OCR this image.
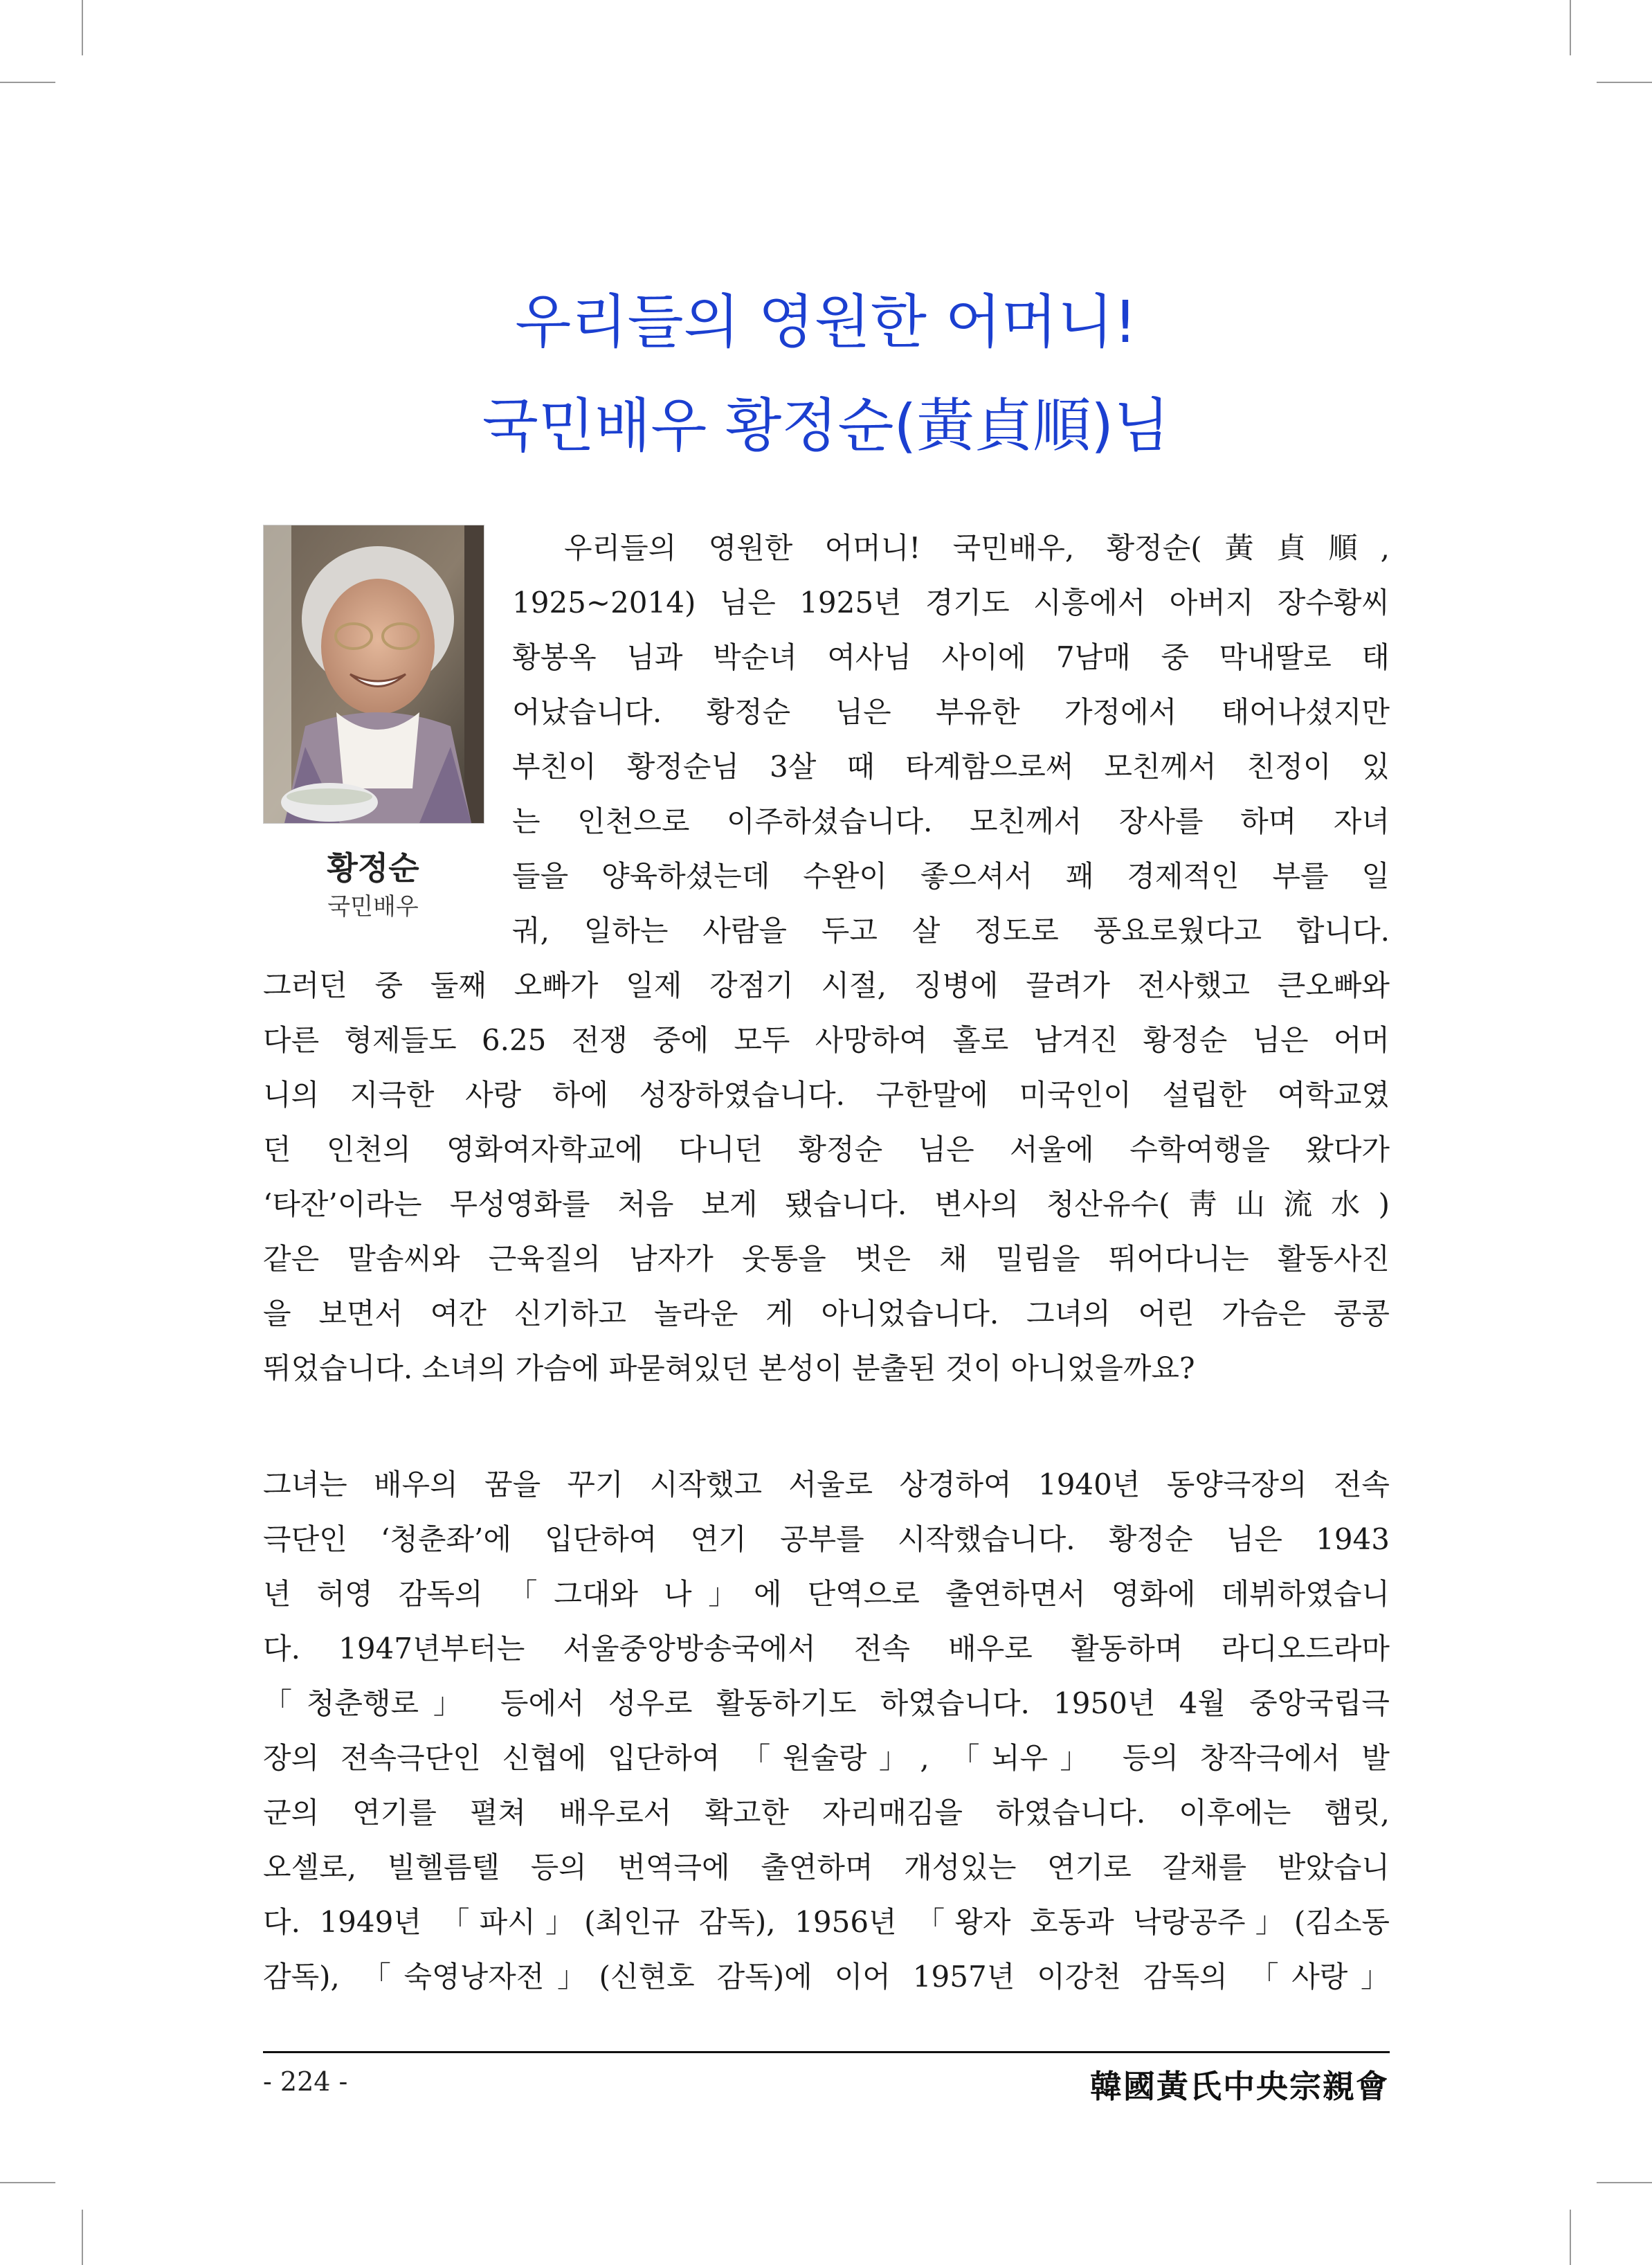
우리들의 영원한 어머니!
국민배우 황정순(黃貞順)님
황정순
국민배우
　우리들의 영원한 어머니! 국민배우, 황정순(黃貞順,
1925~2014) 님은 1925년 경기도 시흥에서 아버지 장수황씨
황봉옥 님과 박순녀 여사님 사이에 7남매 중 막내딸로 태
어났습니다. 황정순 님은 부유한 가정에서 태어나셨지만
부친이 황정순님 3살 때 타계함으로써 모친께서 친정이 있
는 인천으로 이주하셨습니다. 모친께서 장사를 하며 자녀
들을 양육하셨는데 수완이 좋으셔서 꽤 경제적인 부를 일
궈, 일하는 사람을 두고 살 정도로 풍요로웠다고 합니다.
그러던 중 둘째 오빠가 일제 강점기 시절, 징병에 끌려가 전사했고 큰오빠와
다른 형제들도 6.25 전쟁 중에 모두 사망하여 홀로 남겨진 황정순 님은 어머
니의 지극한 사랑 하에 성장하였습니다. 구한말에 미국인이 설립한 여학교였
던 인천의 영화여자학교에 다니던 황정순 님은 서울에 수학여행을 왔다가
‘타잔’이라는 무성영화를 처음 보게 됐습니다. 변사의 청산유수(靑山流水)
같은 말솜씨와 근육질의 남자가 웃통을 벗은 채 밀림을 뛰어다니는 활동사진
을 보면서 여간 신기하고 놀라운 게 아니었습니다. 그녀의 어린 가슴은 콩콩
뛰었습니다. 소녀의 가슴에 파묻혀있던 본성이 분출된 것이 아니었을까요?
그녀는 배우의 꿈을 꾸기 시작했고 서울로 상경하여 1940년 동양극장의 전속
극단인 ‘청춘좌’에 입단하여 연기 공부를 시작했습니다. 황정순 님은 1943
년 허영 감독의 「그대와 나」에 단역으로 출연하면서 영화에 데뷔하였습니
다. 1947년부터는 서울중앙방송국에서 전속 배우로 활동하며 라디오드라마
「청춘행로」 등에서 성우로 활동하기도 하였습니다. 1950년 4월 중앙국립극
장의 전속극단인 신협에 입단하여 「원술랑」, 「뇌우」 등의 창작극에서 발
군의 연기를 펼쳐 배우로서 확고한 자리매김을 하였습니다. 이후에는 햄릿,
오셀로, 빌헬름텔 등의 번역극에 출연하며 개성있는 연기로 갈채를 받았습니
다. 1949년 「파시」(최인규 감독), 1956년 「왕자 호동과 낙랑공주」(김소동
감독), 「숙영낭자전」(신현호 감독)에 이어 1957년 이강천 감독의 「사랑」
- 224 -	韓國黃氏中央宗親會
